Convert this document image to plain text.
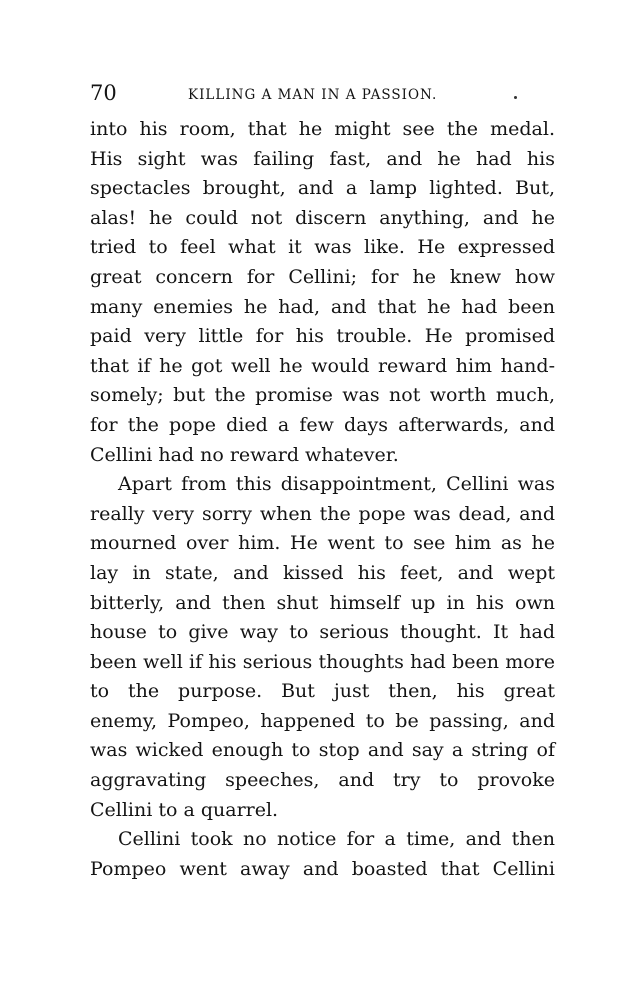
70	KILLING A MAN IN A PASSION.
into his room, that he might see the medal.
His sight was failing fast, and he had his
spectacles brought, and a lamp lighted. But,
alas! he could not discern anything, and he
tried to feel what it was like. He expressed
great concern for Cellini; for he knew how
many enemies he had, and that he had been
paid very little for his trouble. He promised
that if he got well he would reward him hand-
somely; but the promise was not worth much,
for the pope died a few days afterwards, and
Cellini had no reward whatever.
Apart from this disappointment, Cellini was
really very sorry when the pope was dead, and
mourned over him. He went to see him as he
lay in state, and kissed his feet, and wept
bitterly, and then shut himself up in his own
house to give way to serious thought. It had
been well if his serious thoughts had been more
to the purpose. But just then, his great
enemy, Pompeo, happened to be passing, and
was wicked enough to stop and say a string of
aggravating speeches, and try to provoke
Cellini to a quarrel.
Cellini took no notice for a time, and then
Pompeo went away and boasted that Cellini
